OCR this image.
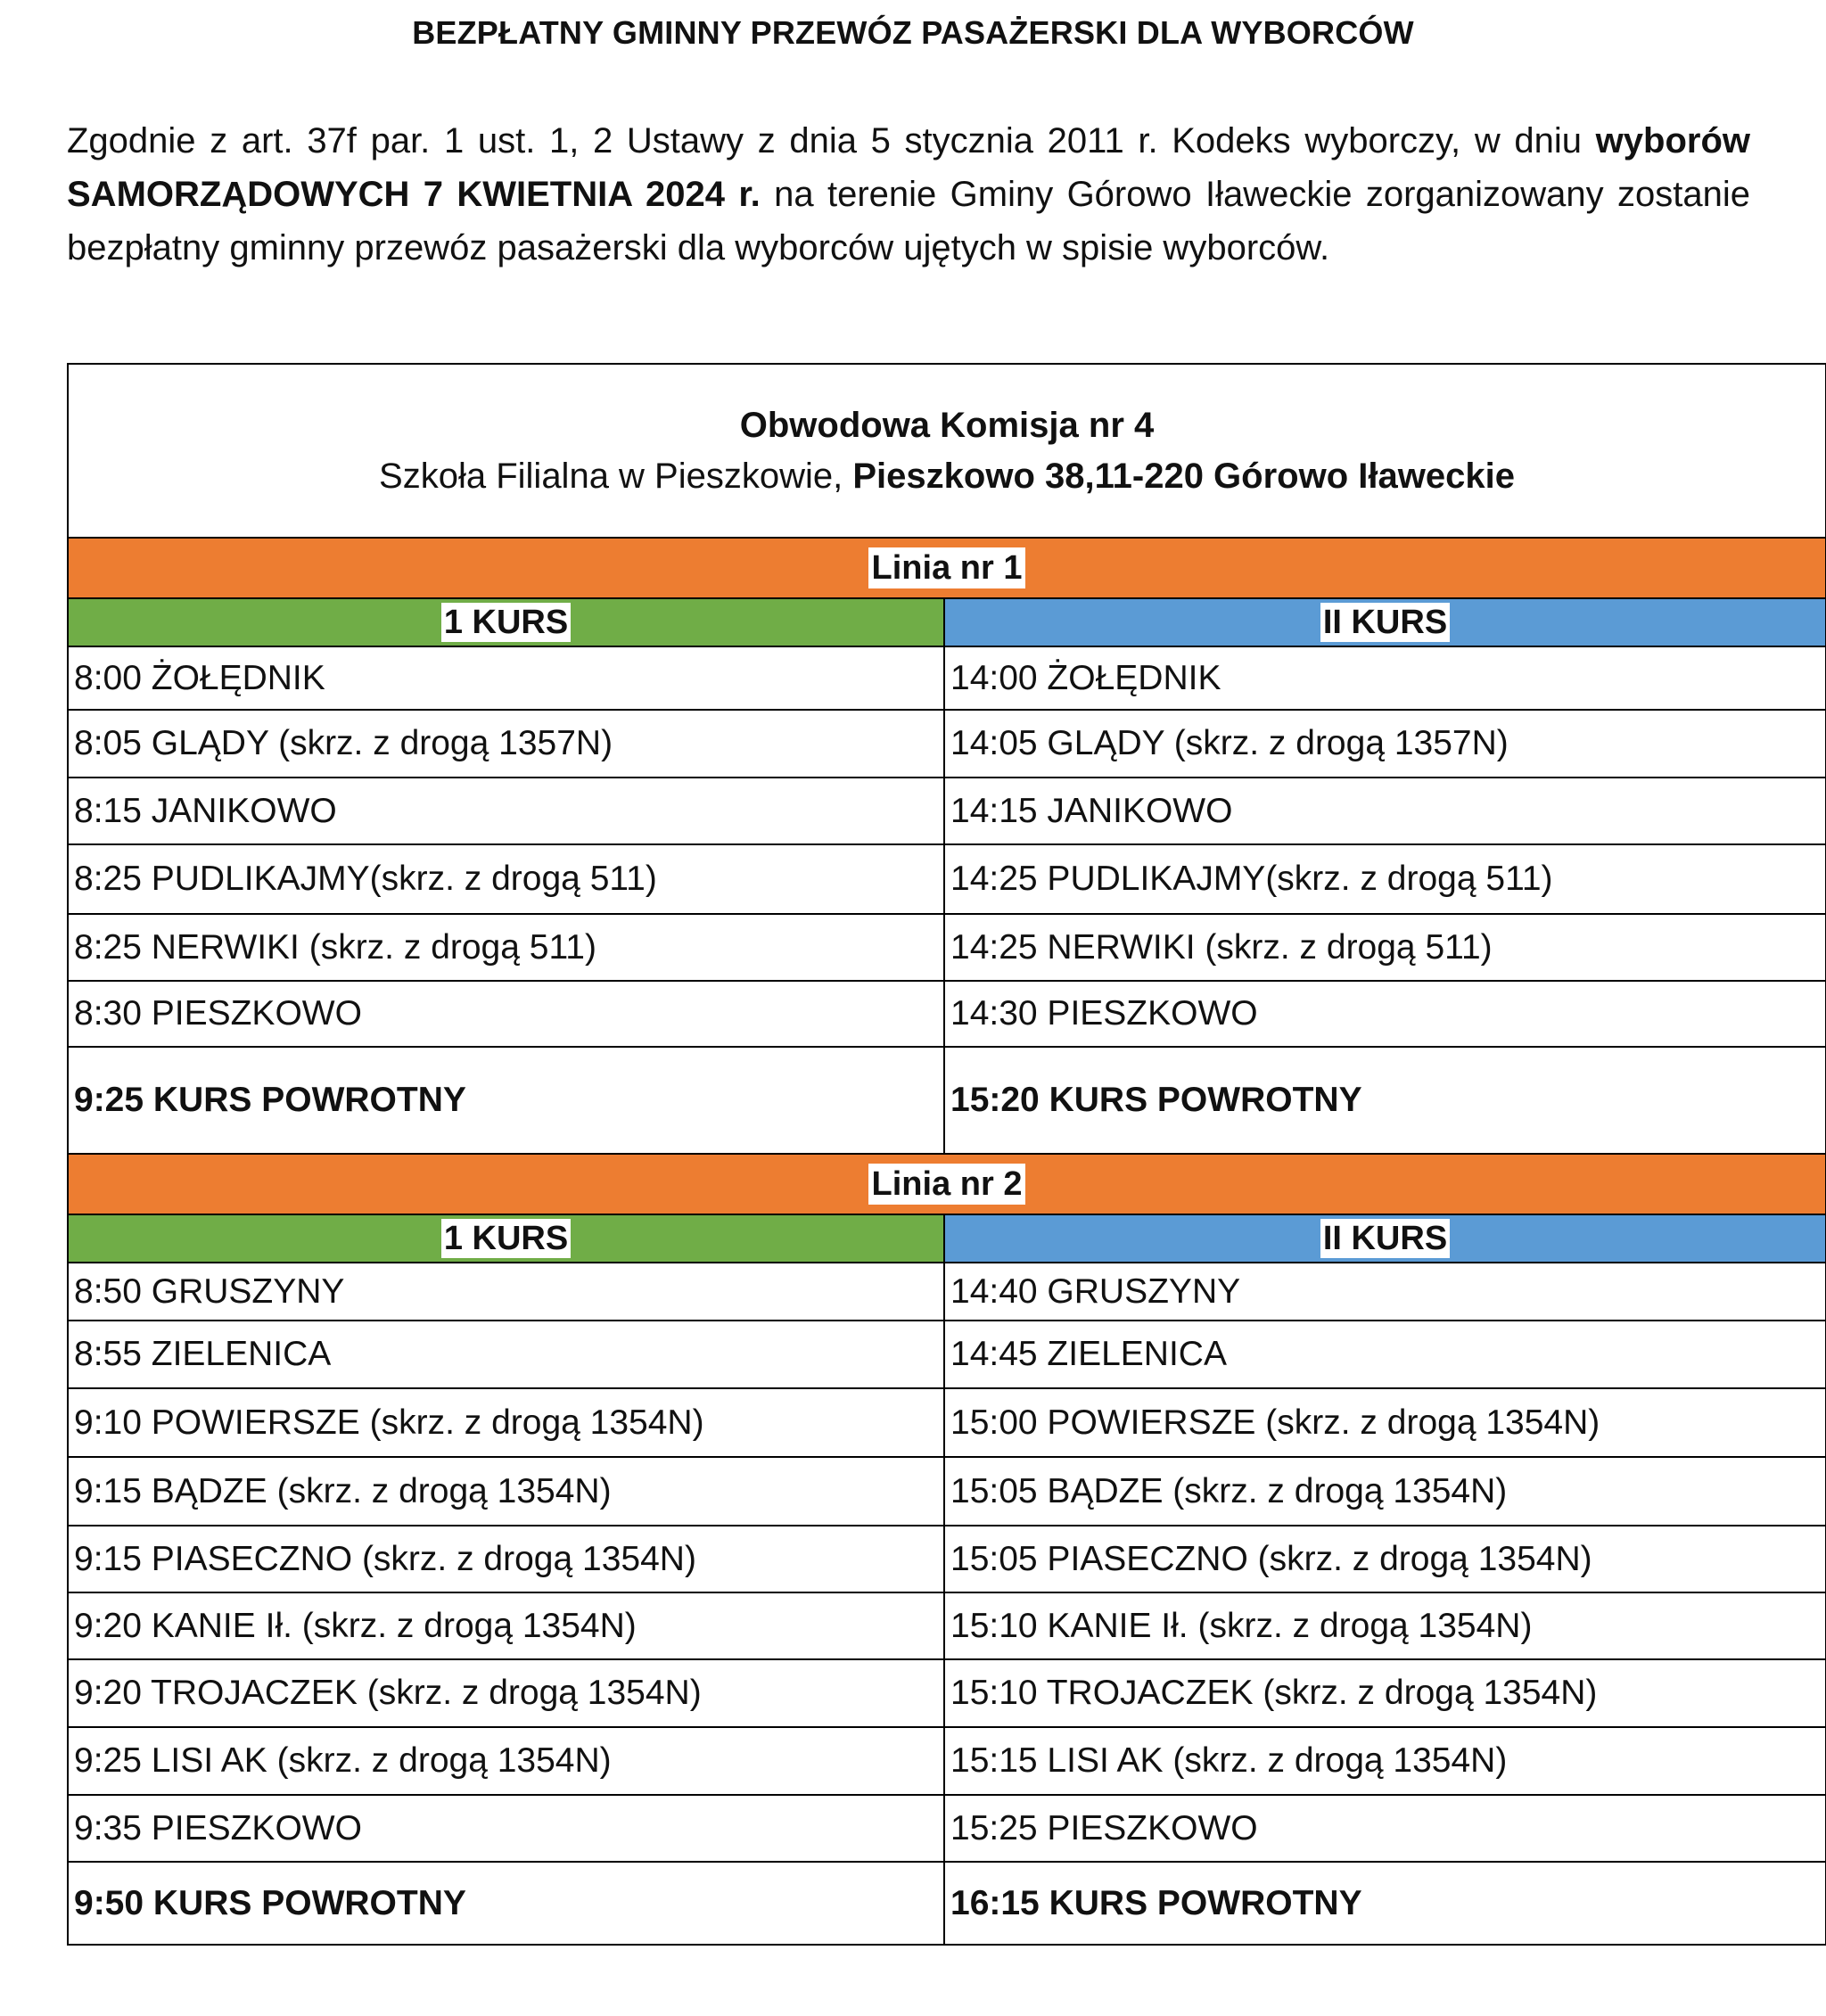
BEZPŁATNY GMINNY PRZEWÓZ PASAŻERSKI DLA WYBORCÓW
Zgodnie z art. 37f par. 1 ust. 1, 2 Ustawy z dnia 5 stycznia 2011 r. Kodeks wyborczy, w dniu wyborów SAMORZĄDOWYCH 7 KWIETNIA 2024 r. na terenie Gminy Górowo Iławeckie zorganizowany zostanie bezpłatny gminny przewóz pasażerski dla wyborców ujętych w spisie wyborców.
Obwodowa Komisja nr 4
Szkoła Filialna w Pieszkowie, Pieszkowo 38,11-220 Górowo Iławeckie
Linia nr 1
1 KURS	II KURS
8:00 ŻOŁĘDNIK	14:00 ŻOŁĘDNIK
8:05 GLĄDY (skrz. z drogą 1357N)	14:05 GLĄDY (skrz. z drogą 1357N)
8:15 JANIKOWO	14:15 JANIKOWO
8:25 PUDLIKAJMY(skrz. z drogą 511)	14:25 PUDLIKAJMY(skrz. z drogą 511)
8:25 NERWIKI (skrz. z drogą 511)	14:25 NERWIKI (skrz. z drogą 511)
8:30 PIESZKOWO	14:30 PIESZKOWO
9:25 KURS POWROTNY	15:20 KURS POWROTNY
Linia nr 2
1 KURS	II KURS
8:50 GRUSZYNY	14:40 GRUSZYNY
8:55 ZIELENICA	14:45 ZIELENICA
9:10 POWIERSZE (skrz. z drogą 1354N)	15:00 POWIERSZE (skrz. z drogą 1354N)
9:15 BĄDZE (skrz. z drogą 1354N)	15:05 BĄDZE (skrz. z drogą 1354N)
9:15 PIASECZNO (skrz. z drogą 1354N)	15:05 PIASECZNO (skrz. z drogą 1354N)
9:20 KANIE Ił. (skrz. z drogą 1354N)	15:10 KANIE Ił. (skrz. z drogą 1354N)
9:20 TROJACZEK (skrz. z drogą 1354N)	15:10 TROJACZEK (skrz. z drogą 1354N)
9:25 LISI AK (skrz. z drogą 1354N)	15:15 LISI AK (skrz. z drogą 1354N)
9:35 PIESZKOWO	15:25 PIESZKOWO
9:50 KURS POWROTNY	16:15 KURS POWROTNY
